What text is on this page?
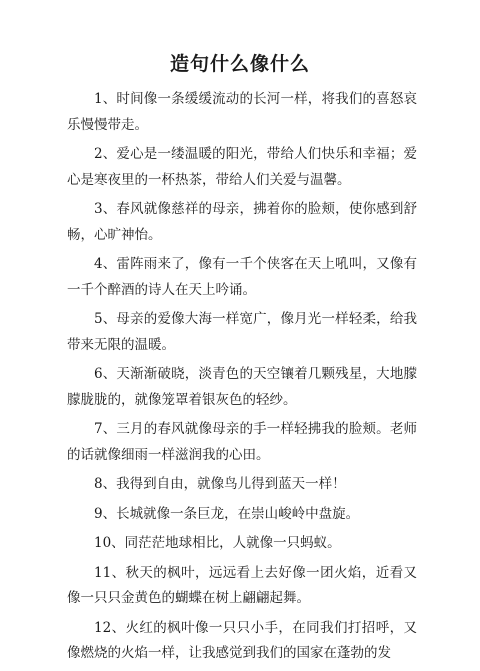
造句什么像什么

1、时间像一条缓缓流动的长河一样，将我们的喜怒哀乐慢慢带走。

2、爱心是一缕温暖的阳光，带给人们快乐和幸福；爱心是寒夜里的一杯热茶，带给人们关爱与温馨。

3、春风就像慈祥的母亲，拂着你的脸颊，使你感到舒畅，心旷神怡。

4、雷阵雨来了，像有一千个侠客在天上吼叫，又像有一千个醉酒的诗人在天上吟诵。

5、母亲的爱像大海一样宽广，像月光一样轻柔，给我带来无限的温暖。

6、天渐渐破晓，淡青色的天空镶着几颗残星，大地朦朦胧胧的，就像笼罩着银灰色的轻纱。

7、三月的春风就像母亲的手一样轻拂我的脸颊。老师的话就像细雨一样滋润我的心田。

8、我得到自由，就像鸟儿得到蓝天一样！

9、长城就像一条巨龙，在崇山峻岭中盘旋。

10、同茫茫地球相比，人就像一只蚂蚁。

11、秋天的枫叶，远远看上去好像一团火焰，近看又像一只只金黄色的蝴蝶在树上翩翩起舞。

12、火红的枫叶像一只只小手，在同我们打招呼，又像燃烧的火焰一样，让我感觉到我们的国家在蓬勃的发
